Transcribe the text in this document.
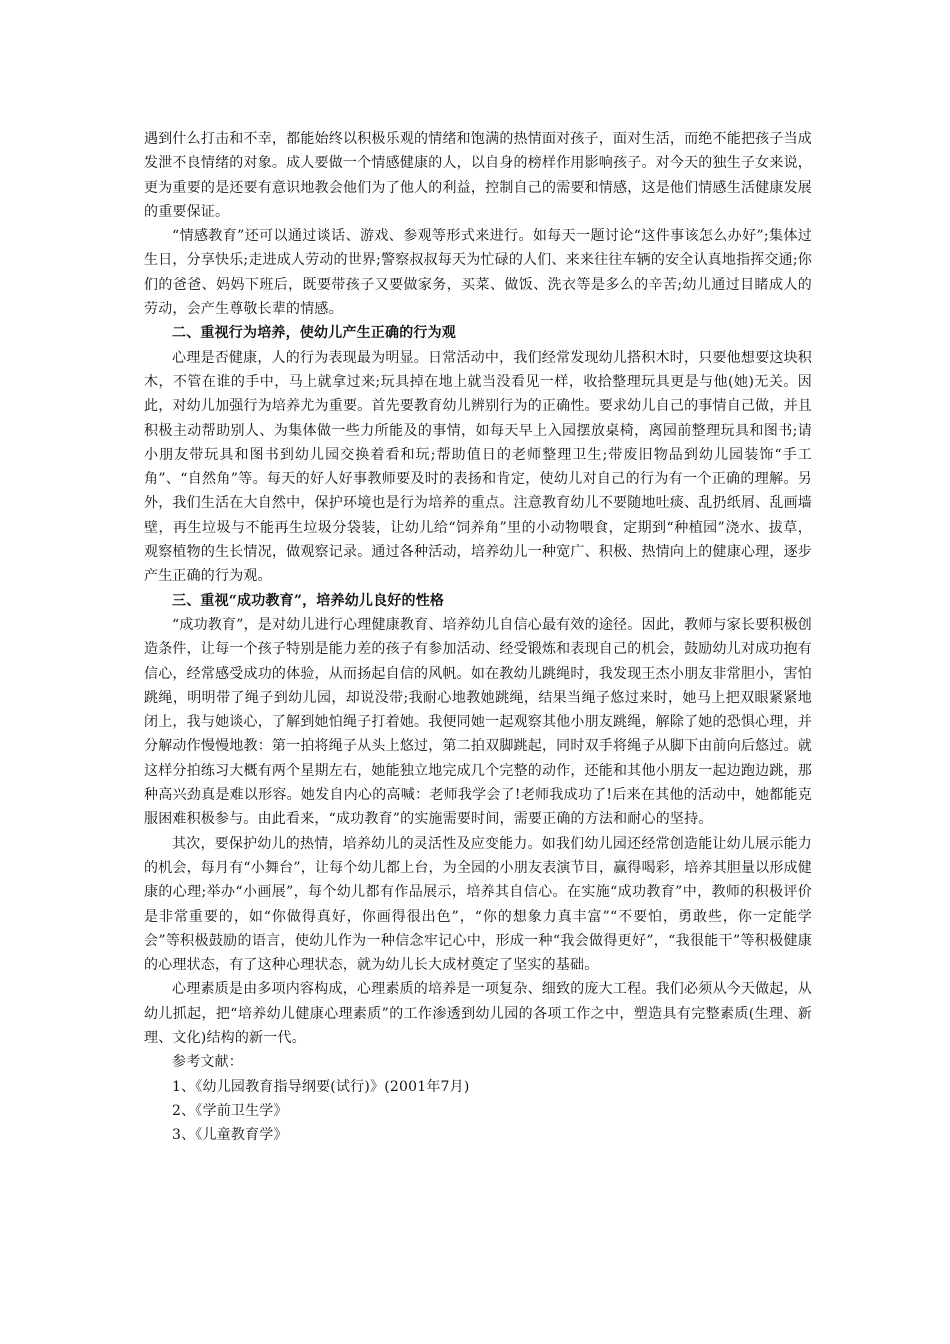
遇到什么打击和不幸，都能始终以积极乐观的情绪和饱满的热情面对孩子，面对生活，而绝不能把孩子当成发泄不良情绪的对象。成人要做一个情感健康的人，以自身的榜样作用影响孩子。对今天的独生子女来说，更为重要的是还要有意识地教会他们为了他人的利益，控制自己的需要和情感，这是他们情感生活健康发展的重要保证。

“情感教育”还可以通过谈话、游戏、参观等形式来进行。如每天一题讨论“这件事该怎么办好”;集体过生日，分享快乐;走进成人劳动的世界;警察叔叔每天为忙碌的人们、来来往往车辆的安全认真地指挥交通;你们的爸爸、妈妈下班后，既要带孩子又要做家务，买菜、做饭、洗衣等是多么的辛苦;幼儿通过目睹成人的劳动，会产生尊敬长辈的情感。

二、重视行为培养，使幼儿产生正确的行为观

心理是否健康，人的行为表现最为明显。日常活动中，我们经常发现幼儿搭积木时，只要他想要这块积木，不管在谁的手中，马上就拿过来;玩具掉在地上就当没看见一样，收拾整理玩具更是与他(她)无关。因此，对幼儿加强行为培养尤为重要。首先要教育幼儿辨别行为的正确性。要求幼儿自己的事情自己做，并且积极主动帮助别人、为集体做一些力所能及的事情，如每天早上入园摆放桌椅，离园前整理玩具和图书;请小朋友带玩具和图书到幼儿园交换着看和玩;帮助值日的老师整理卫生;带废旧物品到幼儿园装饰“手工角”、“自然角”等。每天的好人好事教师要及时的表扬和肯定，使幼儿对自己的行为有一个正确的理解。另外，我们生活在大自然中，保护环境也是行为培养的重点。注意教育幼儿不要随地吐痰、乱扔纸屑、乱画墙壁，再生垃圾与不能再生垃圾分袋装，让幼儿给“饲养角”里的小动物喂食，定期到“种植园”浇水、拔草，观察植物的生长情况，做观察记录。通过各种活动，培养幼儿一种宽广、积极、热情向上的健康心理，逐步产生正确的行为观。

三、重视“成功教育”，培养幼儿良好的性格

“成功教育”，是对幼儿进行心理健康教育、培养幼儿自信心最有效的途径。因此，教师与家长要积极创造条件，让每一个孩子特别是能力差的孩子有参加活动、经受锻炼和表现自己的机会，鼓励幼儿对成功抱有信心，经常感受成功的体验，从而扬起自信的风帆。如在教幼儿跳绳时，我发现王杰小朋友非常胆小，害怕跳绳，明明带了绳子到幼儿园，却说没带;我耐心地教她跳绳，结果当绳子悠过来时，她马上把双眼紧紧地闭上，我与她谈心，了解到她怕绳子打着她。我便同她一起观察其他小朋友跳绳，解除了她的恐惧心理，并分解动作慢慢地教：第一拍将绳子从头上悠过，第二拍双脚跳起，同时双手将绳子从脚下由前向后悠过。就这样分拍练习大概有两个星期左右，她能独立地完成几个完整的动作，还能和其他小朋友一起边跑边跳，那种高兴劲真是难以形容。她发自内心的高喊：老师我学会了!老师我成功了!后来在其他的活动中，她都能克服困难积极参与。由此看来，“成功教育”的实施需要时间，需要正确的方法和耐心的坚持。

其次，要保护幼儿的热情，培养幼儿的灵活性及应变能力。如我们幼儿园还经常创造能让幼儿展示能力的机会，每月有“小舞台”，让每个幼儿都上台，为全园的小朋友表演节目，赢得喝彩，培养其胆量以形成健康的心理;举办“小画展”，每个幼儿都有作品展示，培养其自信心。在实施“成功教育”中，教师的积极评价是非常重要的，如“你做得真好，你画得很出色”，“你的想象力真丰富”“不要怕，勇敢些，你一定能学会”等积极鼓励的语言，使幼儿作为一种信念牢记心中，形成一种“我会做得更好”，“我很能干”等积极健康的心理状态，有了这种心理状态，就为幼儿长大成材奠定了坚实的基础。

心理素质是由多项内容构成，心理素质的培养是一项复杂、细致的庞大工程。我们必须从今天做起，从幼儿抓起，把“培养幼儿健康心理素质”的工作渗透到幼儿园的各项工作之中，塑造具有完整素质(生理、新理、文化)结构的新一代。

参考文献：

1、《幼儿园教育指导纲要(试行)》(2001年7月)

2、《学前卫生学》

3、《儿童教育学》
